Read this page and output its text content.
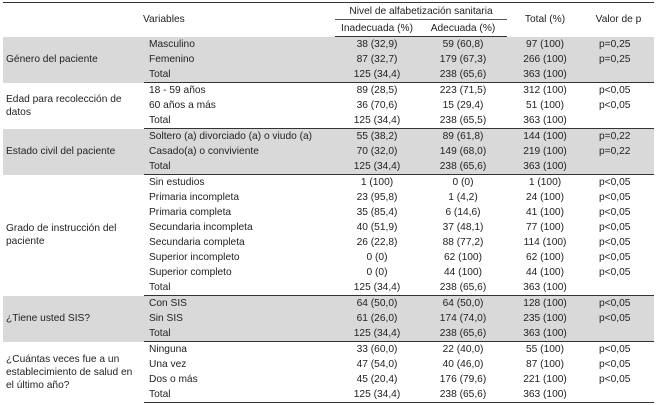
Variables		Nivel de alfabetización sanitaria		Total (%)	Valor de p
		Inadecuada (%)	Adecuada (%)		
Género del paciente	Masculino	38 (32,9)	59 (60,8)	97 (100)	p=0,25
	Femenino	87 (32,7)	179 (67,3)	266 (100)	p=0,25
	Total	125 (34,4)	238 (65,6)	363 (100)	
Edad para recolección de datos	18 - 59 años	89 (28,5)	223 (71,5)	312 (100)	p<0,05
	60 años a más	36 (70,6)	15 (29,4)	51 (100)	p<0,05
	Total	125 (34,4)	238 (65,5)	363 (100)	
Estado civil del paciente	Soltero (a) divorciado (a) o viudo (a)	55 (38,2)	89 (61,8)	144 (100)	p=0,22
	Casado(a) o conviviente	70 (32,0)	149 (68,0)	219 (100)	p=0,22
	Total	125 (34,4)	238 (65,6)	363 (100)	
Grado de instrucción del paciente	Sin estudios	1 (100)	0 (0)	1 (100)	p<0,05
	Primaria incompleta	23 (95,8)	1 (4,2)	24 (100)	p<0,05
	Primaria completa	35 (85,4)	6 (14,6)	41 (100)	p<0,05
	Secundaria incompleta	40 (51,9)	37 (48,1)	77 (100)	p<0,05
	Secundaria completa	26 (22,8)	88 (77,2)	114 (100)	p<0,05
	Superior incompleto	0 (0)	62 (100)	62 (100)	p<0,05
	Superior completo	0 (0)	44 (100)	44 (100)	p<0,05
	Total	125 (34,4)	238 (65,6)	363 (100)	
¿Tiene usted SIS?	Con SIS	64 (50,0)	64 (50,0)	128 (100)	p<0,05
	Sin SIS	61 (26,0)	174 (74,0)	235 (100)	p<0,05
	Total	125 (34,4)	238 (65,6)	363 (100)	
¿Cuántas veces fue a un establecimiento de salud en el último año?	Ninguna	33 (60,0)	22 (40,0)	55 (100)	p<0,05
	Una vez	47 (54,0)	40 (46,0)	87 (100)	p<0,05
	Dos o más	45 (20,4)	176 (79,6)	221 (100)	p<0,05
	Total	125 (34,4)	238 (65,6)	363 (100)	
